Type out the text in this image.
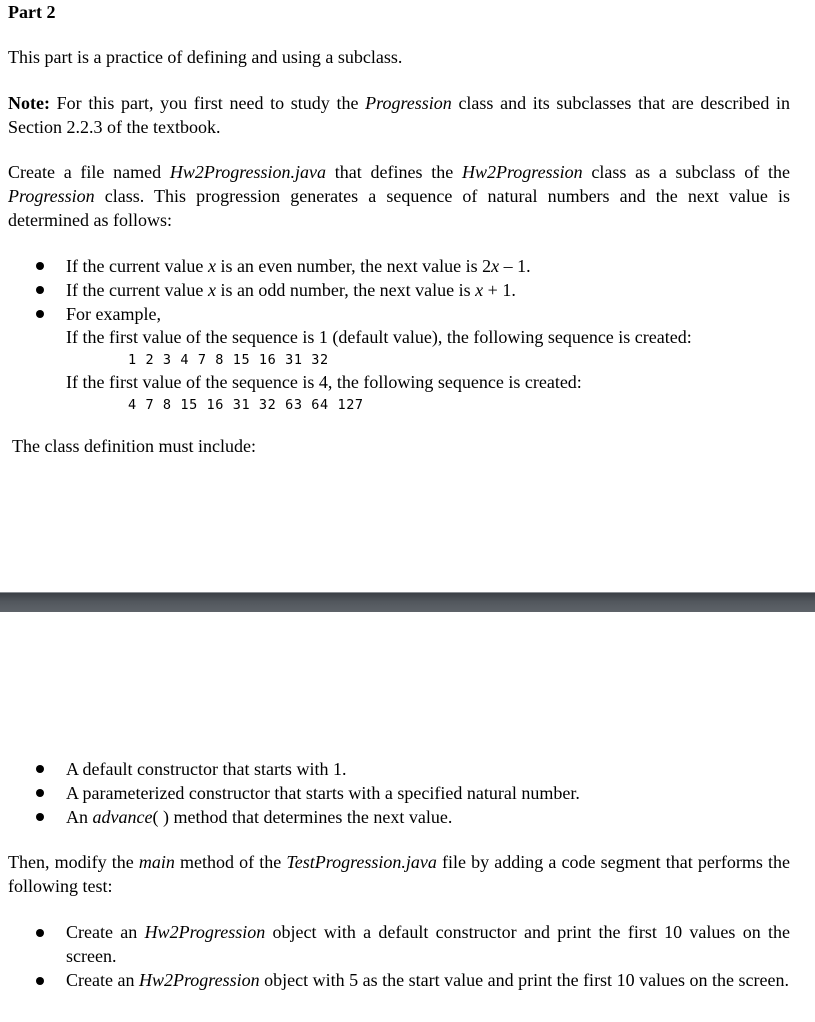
Part 2
This part is a practice of defining and using a subclass.
Note: For this part, you first need to study the Progression class and its subclasses that are described in Section 2.2.3 of the textbook.
Create a file named Hw2Progression.java that defines the Hw2Progression class as a subclass of the Progression class. This progression generates a sequence of natural numbers and the next value is determined as follows:
If the current value x is an even number, the next value is 2x – 1.
If the current value x is an odd number, the next value is x + 1.
For example,
If the first value of the sequence is 1 (default value), the following sequence is created:
1 2 3 4 7 8 15 16 31 32
If the first value of the sequence is 4, the following sequence is created:
4 7 8 15 16 31 32 63 64 127
The class definition must include:
A default constructor that starts with 1.
A parameterized constructor that starts with a specified natural number.
An advance( ) method that determines the next value.
Then, modify the main method of the TestProgression.java file by adding a code segment that performs the following test:
Create an Hw2Progression object with a default constructor and print the first 10 values on the screen.
Create an Hw2Progression object with 5 as the start value and print the first 10 values on the screen.
